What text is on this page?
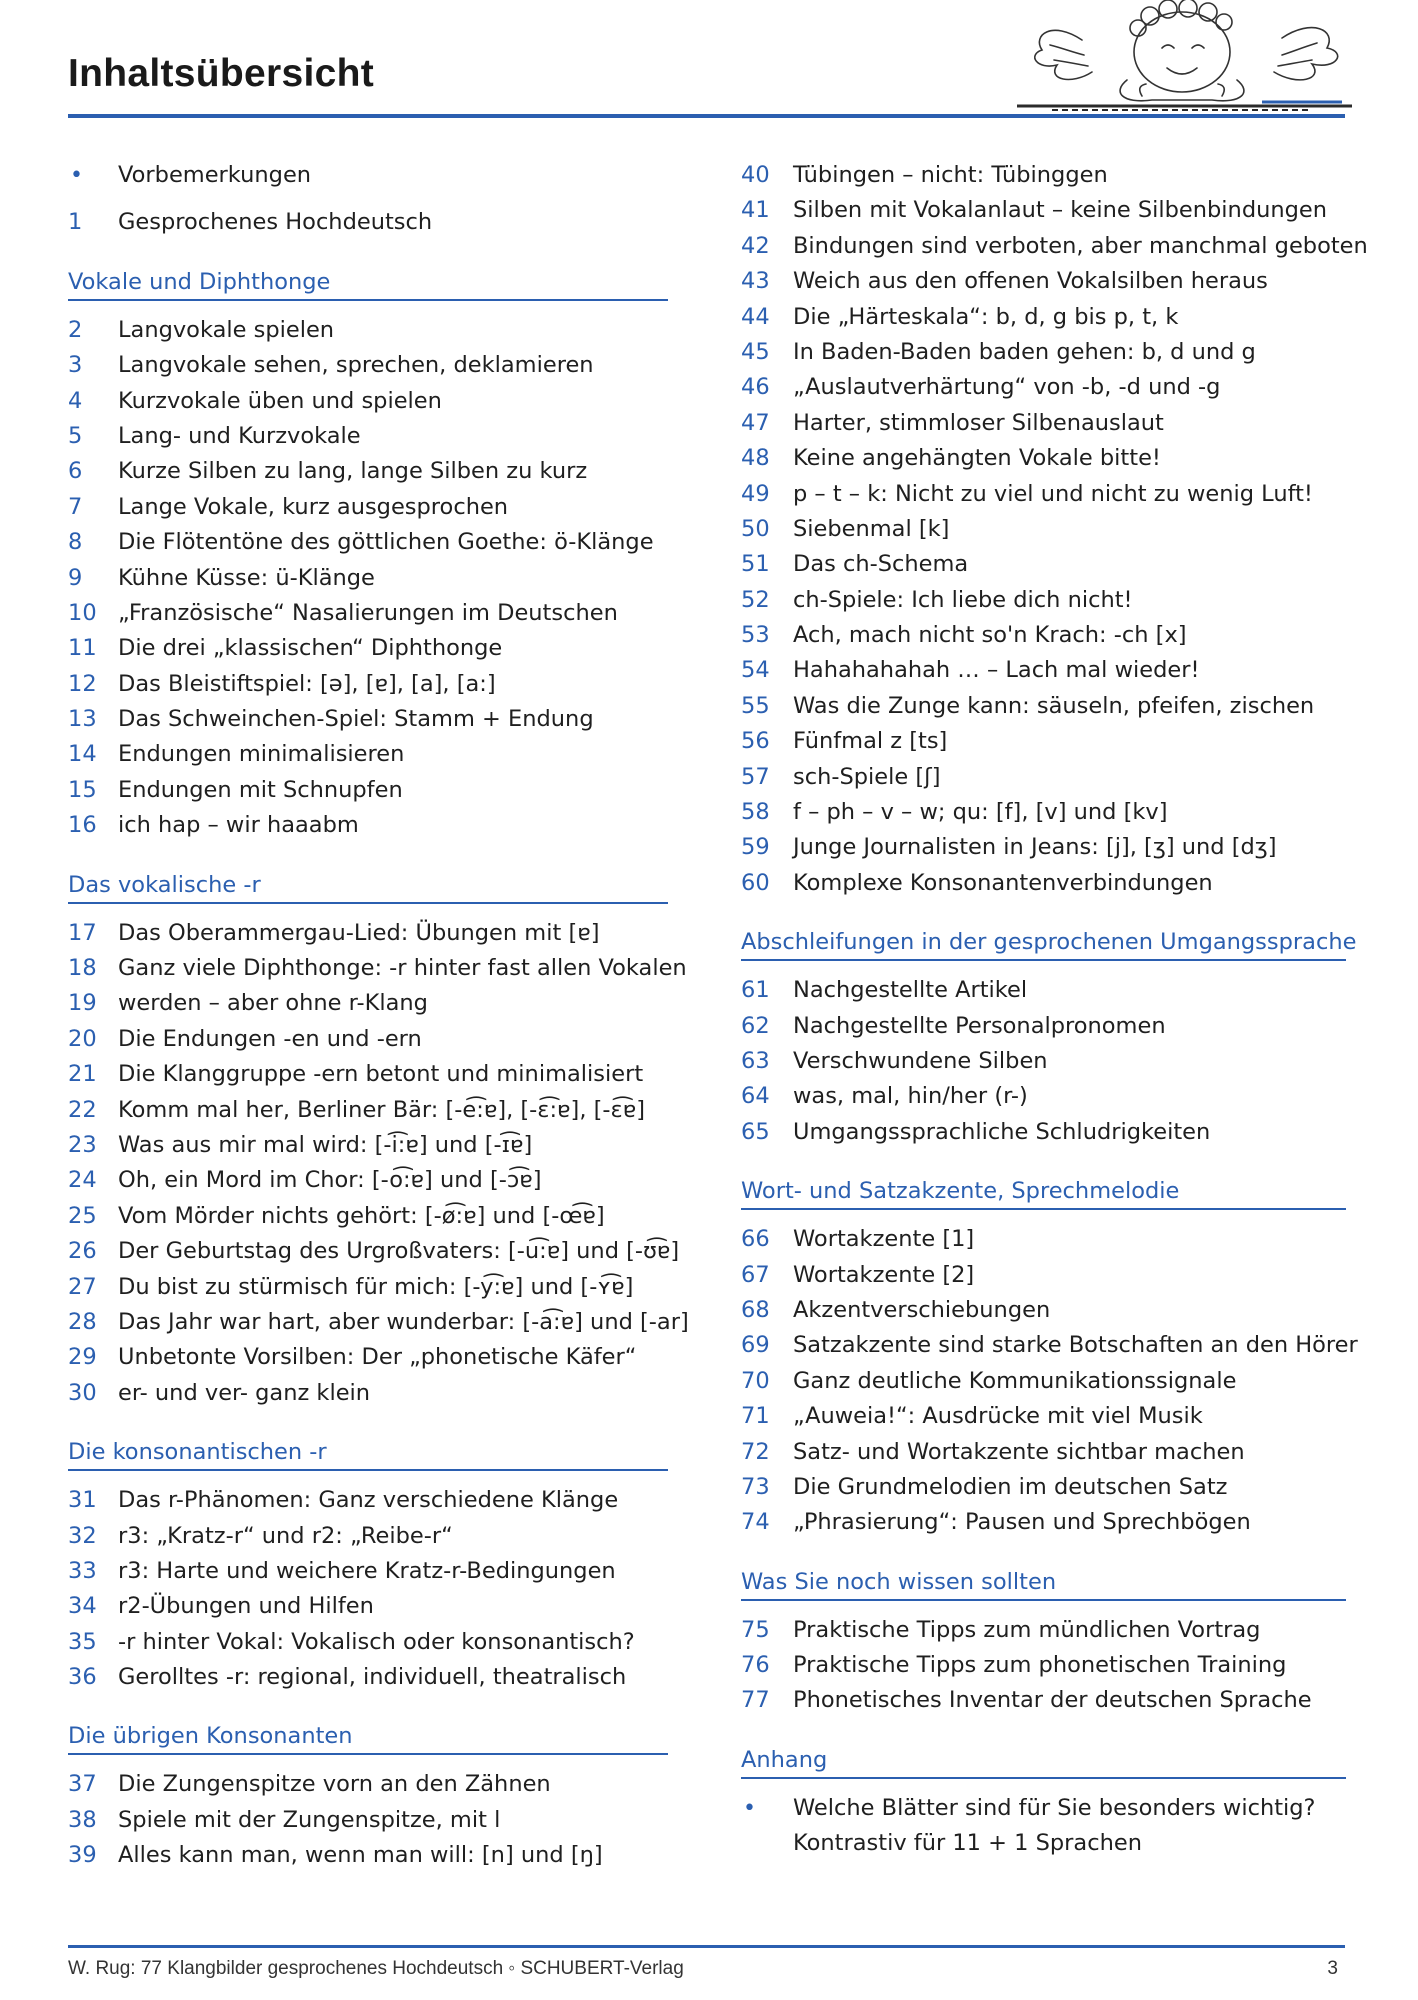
Inhaltsübersicht
• Vorbemerkungen
1 Gesprochenes Hochdeutsch
Vokale und Diphthonge
2 Langvokale spielen
3 Langvokale sehen, sprechen, deklamieren
4 Kurzvokale üben und spielen
5 Lang- und Kurzvokale
6 Kurze Silben zu lang, lange Silben zu kurz
7 Lange Vokale, kurz ausgesprochen
8 Die Flötentöne des göttlichen Goethe: ö-Klänge
9 Kühne Küsse: ü-Klänge
10 „Französische“ Nasalierungen im Deutschen
11 Die drei „klassischen“ Diphthonge
12 Das Bleistiftspiel: [ə], [ɐ], [a], [a:]
13 Das Schweinchen-Spiel: Stamm + Endung
14 Endungen minimalisieren
15 Endungen mit Schnupfen
16 ich hap – wir haaabm
Das vokalische -r
17 Das Oberammergau-Lied: Übungen mit [ɐ]
18 Ganz viele Diphthonge: -r hinter fast allen Vokalen
19 werden – aber ohne r-Klang
20 Die Endungen -en und -ern
21 Die Klanggruppe -ern betont und minimalisiert
22 Komm mal her, Berliner Bär: [-e͡:ɐ], [-ɛ͡:ɐ], [-ɛ͡ɐ]
23 Was aus mir mal wird: [-i͡:ɐ] und [-ɪ͡ɐ]
24 Oh, ein Mord im Chor: [-o͡:ɐ] und [-ɔ͡ɐ]
25 Vom Mörder nichts gehört: [-ø͡:ɐ] und [-œ͡ɐ]
26 Der Geburtstag des Urgroßvaters: [-u͡:ɐ] und [-ʊ͡ɐ]
27 Du bist zu stürmisch für mich: [-y͡:ɐ] und [-ʏ͡ɐ]
28 Das Jahr war hart, aber wunderbar: [-a͡:ɐ] und [-ar]
29 Unbetonte Vorsilben: Der „phonetische Käfer“
30 er- und ver- ganz klein
Die konsonantischen -r
31 Das r-Phänomen: Ganz verschiedene Klänge
32 r3: „Kratz-r“ und r2: „Reibe-r“
33 r3: Harte und weichere Kratz-r-Bedingungen
34 r2-Übungen und Hilfen
35 -r hinter Vokal: Vokalisch oder konsonantisch?
36 Gerolltes -r: regional, individuell, theatralisch
Die übrigen Konsonanten
37 Die Zungenspitze vorn an den Zähnen
38 Spiele mit der Zungenspitze, mit l
39 Alles kann man, wenn man will: [n] und [ŋ]
40 Tübingen – nicht: Tübinggen
41 Silben mit Vokalanlaut – keine Silbenbindungen
42 Bindungen sind verboten, aber manchmal geboten
43 Weich aus den offenen Vokalsilben heraus
44 Die „Härteskala“: b, d, g bis p, t, k
45 In Baden-Baden baden gehen: b, d und g
46 „Auslautverhärtung“ von -b, -d und -g
47 Harter, stimmloser Silbenauslaut
48 Keine angehängten Vokale bitte!
49 p – t – k: Nicht zu viel und nicht zu wenig Luft!
50 Siebenmal [k]
51 Das ch-Schema
52 ch-Spiele: Ich liebe dich nicht!
53 Ach, mach nicht so'n Krach: -ch [x]
54 Hahahahahah … – Lach mal wieder!
55 Was die Zunge kann: säuseln, pfeifen, zischen
56 Fünfmal z [ts]
57 sch-Spiele [ʃ]
58 f – ph – v – w; qu: [f], [v] und [kv]
59 Junge Journalisten in Jeans: [j], [ʒ] und [dʒ]
60 Komplexe Konsonantenverbindungen
Abschleifungen in der gesprochenen Umgangssprache
61 Nachgestellte Artikel
62 Nachgestellte Personalpronomen
63 Verschwundene Silben
64 was, mal, hin/her (r-)
65 Umgangssprachliche Schludrigkeiten
Wort- und Satzakzente, Sprechmelodie
66 Wortakzente [1]
67 Wortakzente [2]
68 Akzentverschiebungen
69 Satzakzente sind starke Botschaften an den Hörer
70 Ganz deutliche Kommunikationssignale
71 „Auweia!“: Ausdrücke mit viel Musik
72 Satz- und Wortakzente sichtbar machen
73 Die Grundmelodien im deutschen Satz
74 „Phrasierung“: Pausen und Sprechbögen
Was Sie noch wissen sollten
75 Praktische Tipps zum mündlichen Vortrag
76 Praktische Tipps zum phonetischen Training
77 Phonetisches Inventar der deutschen Sprache
Anhang
• Welche Blätter sind für Sie besonders wichtig?
Kontrastiv für 11 + 1 Sprachen
W. Rug: 77 Klangbilder gesprochenes Hochdeutsch ◦ SCHUBERT-Verlag	3
